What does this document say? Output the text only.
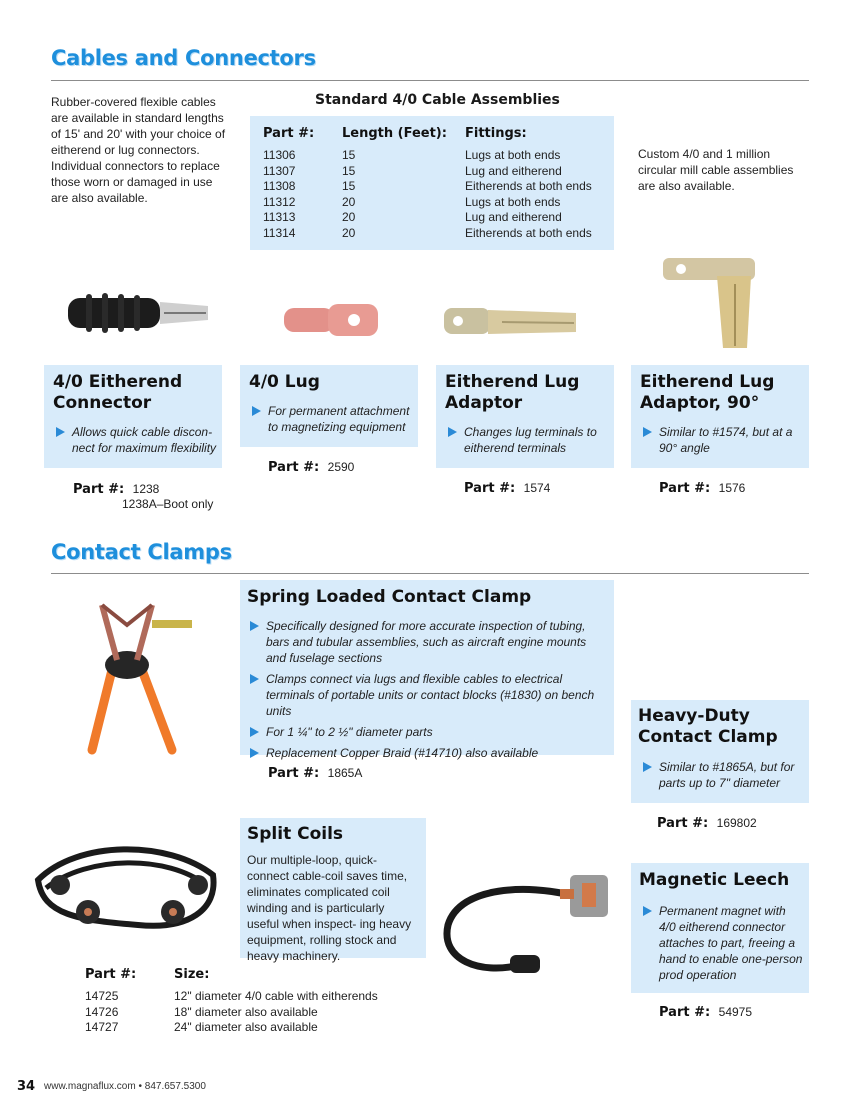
Cables and Connectors
Rubber-covered flexible cables are available in standard lengths of 15' and 20' with your choice of eitherend or lug connectors. Individual connectors to replace those worn or damaged in use are also available.
Standard 4/0 Cable Assemblies
Part #: Length (Feet): Fittings:
11306	15	Lugs at both ends
11307	15	Lug and eitherend
11308	15	Eitherends at both ends
11312	20	Lugs at both ends
11313	20	Lug and eitherend
11314	20	Eitherends at both ends
Custom 4/0 and 1 million circular mill cable assemblies are also available.
4/0 Eitherend Connector
Allows quick cable discon- nect for maximum flexibility
4/0 Lug
For permanent attachment to magnetizing equipment
Eitherend Lug Adaptor
Changes lug terminals to eitherend terminals
Eitherend Lug Adaptor, 90°
Similar to #1574, but at a 90° angle
Part #: 1238
1238A–Boot only
Part #: 2590
Part #: 1574	Part #: 1576
Contact Clamps
Spring Loaded Contact Clamp
Specifically designed for more accurate inspection of tubing, bars and tubular assemblies, such as aircraft engine mounts and fuselage sections
Clamps connect via lugs and flexible cables to electrical terminals of portable units or contact blocks (#1830) on bench units
For 1 ¼" to 2 ½" diameter parts
Replacement Copper Braid (#14710) also available
Part #: 1865A
Heavy-Duty Contact Clamp
Similar to #1865A, but for parts up to 7" diameter
Part #: 169802
Split Coils
Our multiple-loop, quick-connect cable-coil saves time, eliminates complicated coil winding and is particularly useful when inspect- ing heavy equipment, rolling stock and heavy machinery.
Magnetic Leech
Permanent magnet with 4/0 eitherend connector attaches to part, freeing a hand to enable one-person prod operation
Part #: 54975
Part #:	Size:
14725	12" diameter 4/0 cable with eitherends
14726	18" diameter also available
14727	24" diameter also available
34 www.magnaflux.com • 847.657.5300
